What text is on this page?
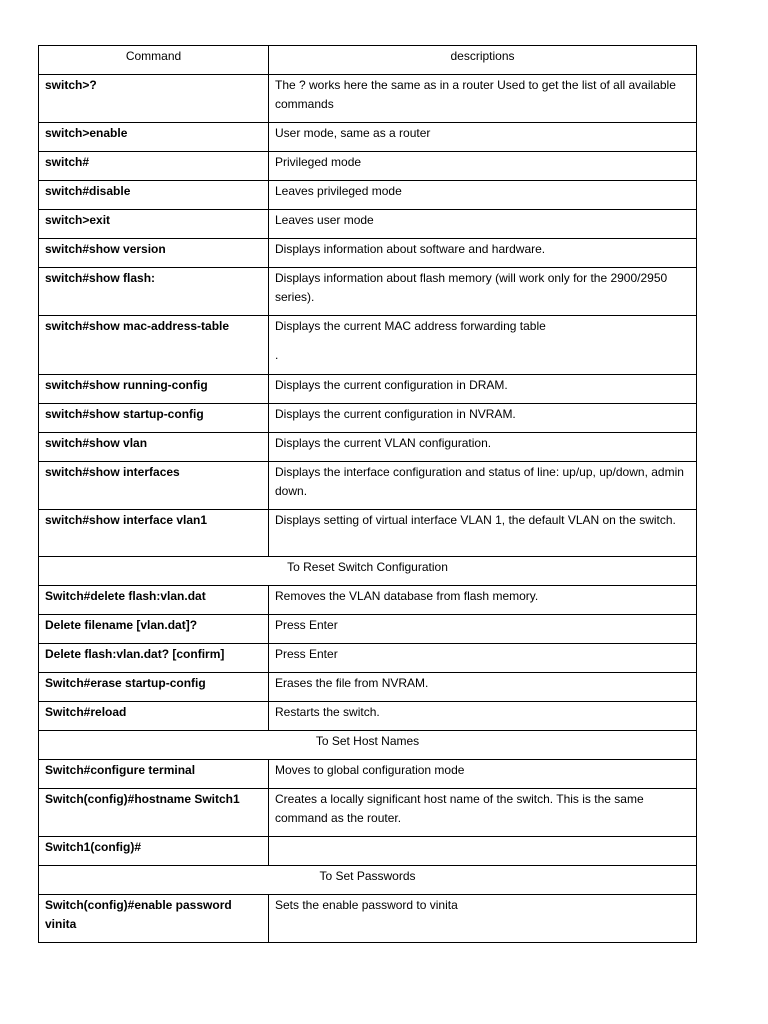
Command	descriptions

switch>?	The ? works here the same as in a router Used to get the list of all available commands

switch>enable	User mode, same as a router

switch#	Privileged mode

switch#disable	Leaves privileged mode

switch>exit	Leaves user mode

switch#show version	Displays information about software and hardware.

switch#show flash:	Displays information about flash memory (will work only for the 2900/2950 series).

switch#show mac-address-table	Displays the current MAC address forwarding table
.

switch#show running-config	Displays the current configuration in DRAM.

switch#show startup-config	Displays the current configuration in NVRAM.

switch#show vlan	Displays the current VLAN configuration.

switch#show interfaces	Displays the interface configuration and status of line: up/up, up/down, admin down.

switch#show interface vlan1	Displays setting of virtual interface VLAN 1, the default VLAN on the switch.

To Reset Switch Configuration	

Switch#delete flash:vlan.dat	Removes the VLAN database from flash memory.

Delete filename [vlan.dat]?	Press Enter

Delete flash:vlan.dat? [confirm]	Press Enter

Switch#erase startup-config	Erases the file from NVRAM.

Switch#reload	Restarts the switch.

To Set Host Names	

Switch#configure terminal	Moves to global configuration mode

Switch(config)#hostname Switch1	Creates a locally significant host name of the switch. This is the same command as the router.

Switch1(config)#	

To Set Passwords	

Switch(config)#enable password vinita	Sets the enable password to vinita
